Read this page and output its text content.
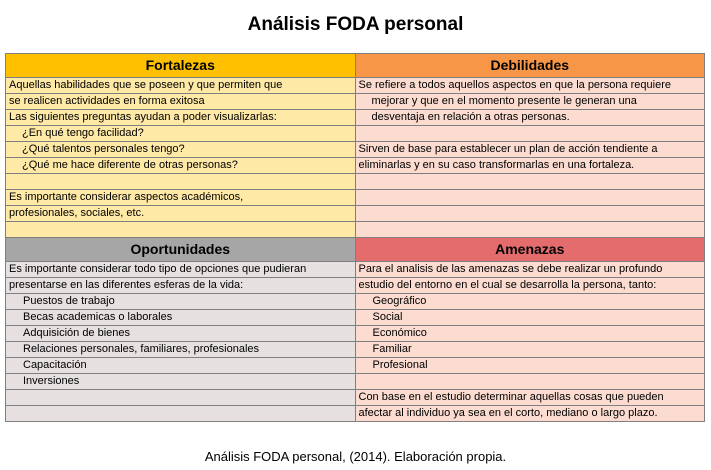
Análisis FODA personal
Fortalezas	Debilidades
Aquellas habilidades que se poseen y que permiten que	Se refiere a todos aquellos aspectos en que la persona requiere
se realicen actividades en forma exitosa	mejorar y que en el momento presente le generan una
Las siguientes preguntas ayudan a poder visualizarlas:	desventaja en relación a otras personas.
¿En qué tengo facilidad?	
¿Qué talentos personales tengo?	Sirven de base para establecer un plan de acción tendiente a
¿Qué me hace diferente de otras personas?	eliminarlas y en su caso transformarlas en una fortaleza.

Es importante considerar aspectos académicos,	
profesionales, sociales, etc.	

Oportunidades	Amenazas
Es importante considerar todo tipo de opciones que pudieran	Para el analisis de las amenazas se debe realizar un profundo
presentarse en las diferentes esferas de la vida:	estudio del entorno en el cual se desarrolla la persona, tanto:
Puestos de trabajo	Geográfico
Becas academicas o laborales	Social
Adquisición de bienes	Económico
Relaciones personales, familiares, profesionales	Familiar
Capacitación	Profesional
Inversiones	
	Con base en el estudio determinar aquellas cosas que pueden
	afectar al individuo ya sea en el corto, mediano o largo plazo.
Análisis FODA personal, (2014). Elaboración propia.
